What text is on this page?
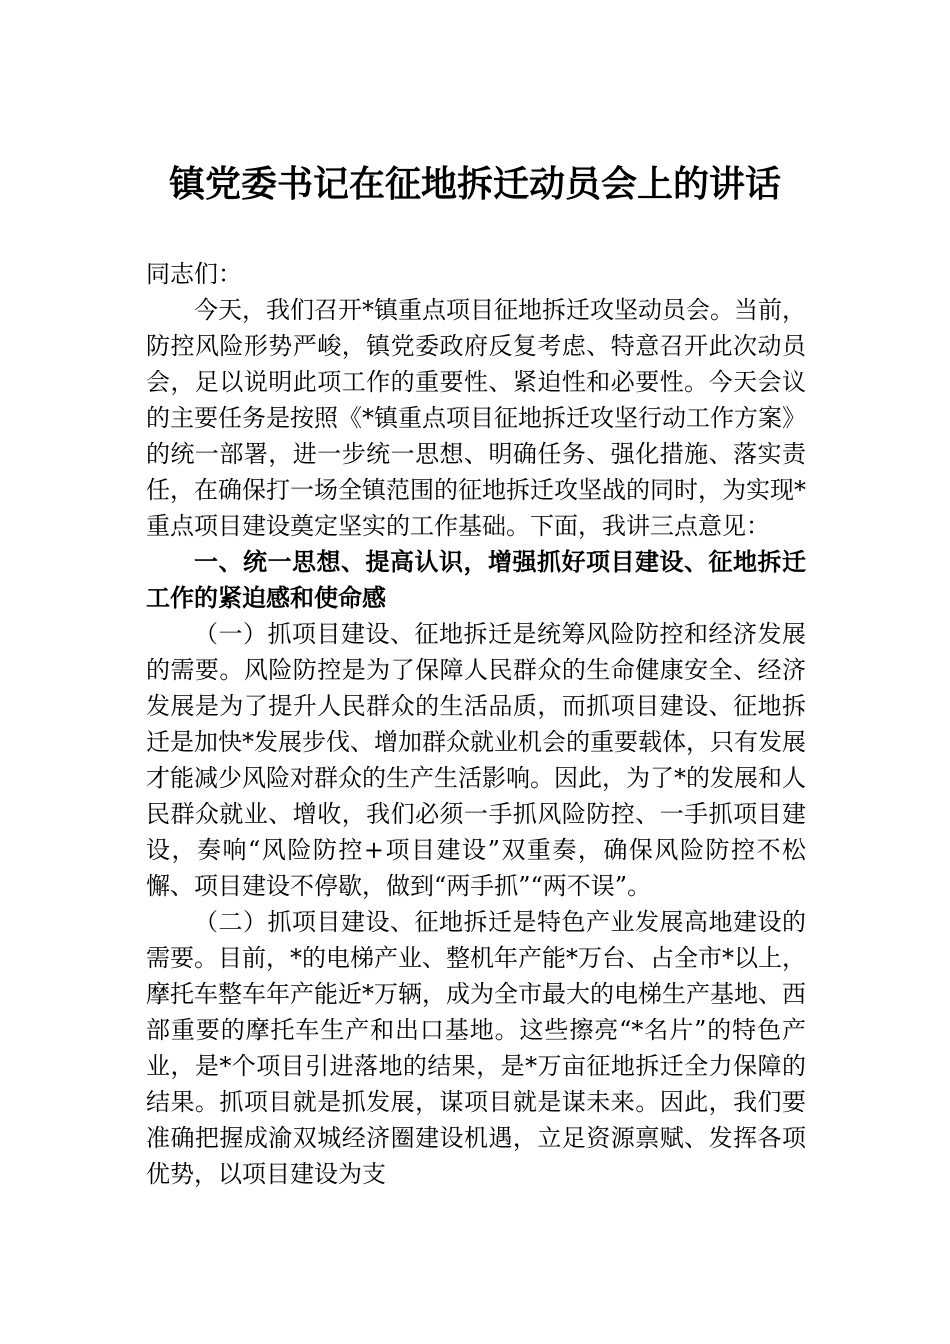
镇党委书记在征地拆迁动员会上的讲话

同志们：

今天，我们召开*镇重点项目征地拆迁攻坚动员会。当前，防控风险形势严峻，镇党委政府反复考虑、特意召开此次动员会，足以说明此项工作的重要性、紧迫性和必要性。今天会议的主要任务是按照《*镇重点项目征地拆迁攻坚行动工作方案》的统一部署，进一步统一思想、明确任务、强化措施、落实责任，在确保打一场全镇范围的征地拆迁攻坚战的同时，为实现*重点项目建设奠定坚实的工作基础。下面，我讲三点意见：

一、统一思想、提高认识，增强抓好项目建设、征地拆迁工作的紧迫感和使命感

（一）抓项目建设、征地拆迁是统筹风险防控和经济发展的需要。风险防控是为了保障人民群众的生命健康安全、经济发展是为了提升人民群众的生活品质，而抓项目建设、征地拆迁是加快*发展步伐、增加群众就业机会的重要载体，只有发展才能减少风险对群众的生产生活影响。因此，为了*的发展和人民群众就业、增收，我们必须一手抓风险防控、一手抓项目建设，奏响“风险防控+项目建设”双重奏，确保风险防控不松懈、项目建设不停歇，做到“两手抓”“两不误”。

（二）抓项目建设、征地拆迁是特色产业发展高地建设的需要。目前，*的电梯产业、整机年产能*万台、占全市*以上，摩托车整车年产能近*万辆，成为全市最大的电梯生产基地、西部重要的摩托车生产和出口基地。这些擦亮“*名片”的特色产业，是*个项目引进落地的结果，是*万亩征地拆迁全力保障的结果。抓项目就是抓发展，谋项目就是谋未来。因此，我们要准确把握成渝双城经济圈建设机遇，立足资源禀赋、发挥各项优势，以项目建设为支
